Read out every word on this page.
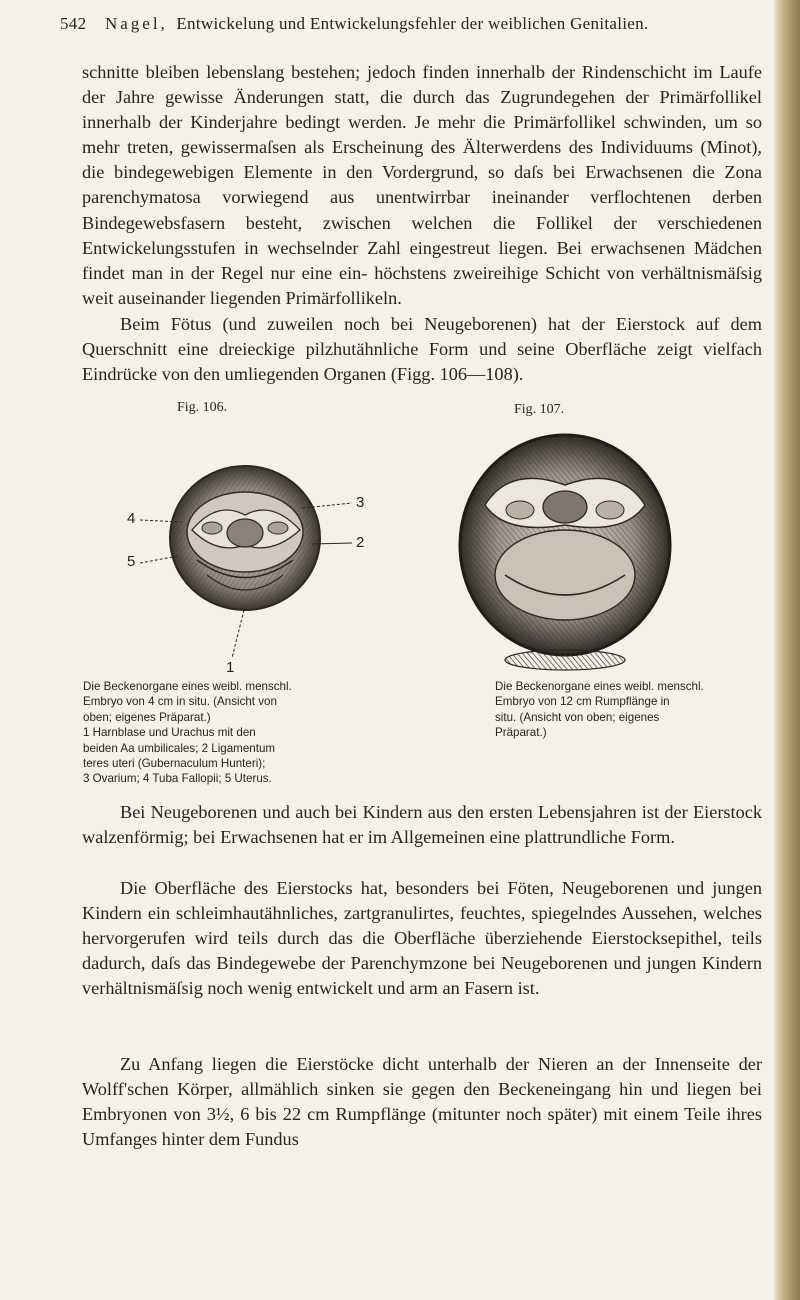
542 Nagel, Entwickelung und Entwickelungsfehler der weiblichen Genitalien.

schnitte bleiben lebenslang bestehen; jedoch finden innerhalb der Rindenschicht im Laufe der Jahre gewisse Änderungen statt, die durch das Zugrundegehen der Primärfollikel innerhalb der Kinderjahre bedingt werden. Je mehr die Primärfollikel schwinden, um so mehr treten, gewissermaſsen als Erscheinung des Älterwerdens des Individuums (Minot), die bindegewebigen Elemente in den Vordergrund, so daſs bei Erwachsenen die Zona parenchymatosa vorwiegend aus unentwirrbar ineinander verflochtenen derben Bindegewebsfasern besteht, zwischen welchen die Follikel der verschiedenen Entwickelungsstufen in wechselnder Zahl eingestreut liegen. Bei erwachsenen Mädchen findet man in der Regel nur eine ein- höchstens zweireihige Schicht von verhältnismäſsig weit auseinander liegenden Primärfollikeln.

Beim Fötus (und zuweilen noch bei Neugeborenen) hat der Eierstock auf dem Querschnitt eine dreieckige pilzhutähnliche Form und seine Oberfläche zeigt vielfach Eindrücke von den umliegenden Organen (Figg. 106—108).

Fig. 106.
3
2
4
5
1
Die Beckenorgane eines weibl. menschl.
Embryo von 4 cm in situ. (Ansicht von
oben; eigenes Präparat.)
1 Harnblase und Urachus mit den
beiden Aa umbilicales; 2 Ligamentum
teres uteri (Gubernaculum Hunteri);
3 Ovarium; 4 Tuba Fallopii; 5 Uterus.
Fig. 107.
Die Beckenorgane eines weibl. menschl.
Embryo von 12 cm Rumpflänge in
situ. (Ansicht von oben; eigenes
Präparat.)

Bei Neugeborenen und auch bei Kindern aus den ersten Lebensjahren ist der Eierstock walzenförmig; bei Erwachsenen hat er im Allgemeinen eine plattrundliche Form.

Die Oberfläche des Eierstocks hat, besonders bei Föten, Neugeborenen und jungen Kindern ein schleimhautähnliches, zartgranulirtes, feuchtes, spiegelndes Aussehen, welches hervorgerufen wird teils durch das die Oberfläche überziehende Eierstocksepithel, teils dadurch, daſs das Bindegewebe der Parenchymzone bei Neugeborenen und jungen Kindern verhältnismäſsig noch wenig entwickelt und arm an Fasern ist.

Zu Anfang liegen die Eierstöcke dicht unterhalb der Nieren an der Innenseite der Wolff'schen Körper, allmählich sinken sie gegen den Beckeneingang hin und liegen bei Embryonen von 3½, 6 bis 22 cm Rumpflänge (mitunter noch später) mit einem Teile ihres Umfanges hinter dem Fundus
